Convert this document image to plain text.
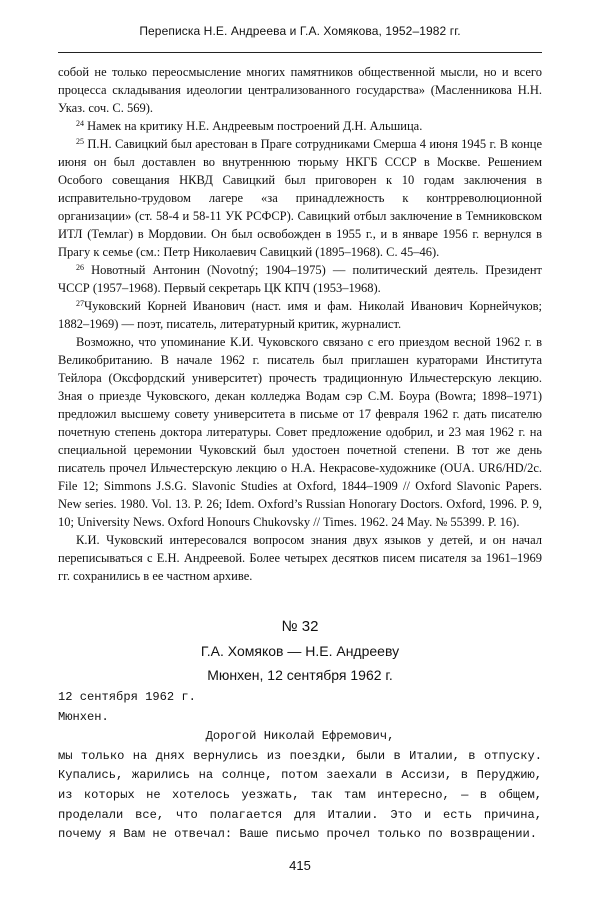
Переписка Н.Е. Андреева и Г.А. Хомякова, 1952–1982 гг.

собой не только переосмысление многих памятников общественной мысли, но и всего процесса складывания идеологии централизованного государства» (Масленникова Н.Н. Указ. соч. С. 569).

$^{24}$ Намек на критику Н.Е. Андреевым построений Д.Н. Альшица.

$^{25}$ П.Н. Савицкий был арестован в Праге сотрудниками Смерша 4 июня 1945 г. В конце июня он был доставлен во внутреннюю тюрьму НКГБ СССР в Москве. Решением Особого совещания НКВД Савицкий был приговорен к 10 годам заключения в исправительно-трудовом лагере «за принадлежность к контрреволюционной организации» (ст. 58-4 и 58-11 УК РСФСР). Савицкий отбыл заключение в Темниковском ИТЛ (Темлаг) в Мордовии. Он был освобожден в 1955 г., и в январе 1956 г. вернулся в Прагу к семье (см.: Петр Николаевич Савицкий (1895–1968). С. 45–46).

$^{26}$ Новотный Антонин (Novotný; 1904–1975) — политический деятель. Президент ЧССР (1957–1968). Первый секретарь ЦК КПЧ (1953–1968).

$^{27}$Чуковский Корней Иванович (наст. имя и фам. Николай Иванович Корнейчуков; 1882–1969) — поэт, писатель, литературный критик, журналист.

Возможно, что упоминание К.И. Чуковского связано с его приездом весной 1962 г. в Великобританию. В начале 1962 г. писатель был приглашен кураторами Института Тейлора (Оксфордский университет) прочесть традиционную Ильчестерскую лекцию. Зная о приезде Чуковского, декан колледжа Водам сэр С.М. Боура (Bowra; 1898–1971) предложил высшему совету университета в письме от 17 февраля 1962 г. дать писателю почетную степень доктора литературы. Совет предложение одобрил, и 23 мая 1962 г. на специальной церемонии Чуковский был удостоен почетной степени. В тот же день писатель прочел Ильчестерскую лекцию о Н.А. Некрасове-художнике (OUA. UR6/HD/2c. File 12; Simmons J.S.G. Slavonic Studies at Oxford, 1844–1909 // Oxford Slavonic Papers. New series. 1980. Vol. 13. P. 26; Idem. Oxford’s Russian Honorary Doctors. Oxford, 1996. P. 9, 10; University News. Oxford Honours Chukovsky // Times. 1962. 24 May. № 55399. P. 16).

К.И. Чуковский интересовался вопросом знания двух языков у детей, и он начал переписываться с Е.Н. Андреевой. Более четырех десятков писем писателя за 1961–1969 гг. сохранились в ее частном архиве.

№ 32
Г.А. Хомяков — Н.Е. Андрееву
Мюнхен, 12 сентября 1962 г.

12 сентября 1962 г.

Мюнхен.

Дорогой Николай Ефремович,

мы только на днях вернулись из поездки, были в Италии, в отпуску. Купались, жарились на солнце, потом заехали в Ассизи, в Перуджию, из которых не хотелось уезжать, так там интересно, — в общем, проделали все, что полагается для Италии. Это и есть причина, почему я Вам не отвечал: Ваше письмо прочел только по возвращении.

415
